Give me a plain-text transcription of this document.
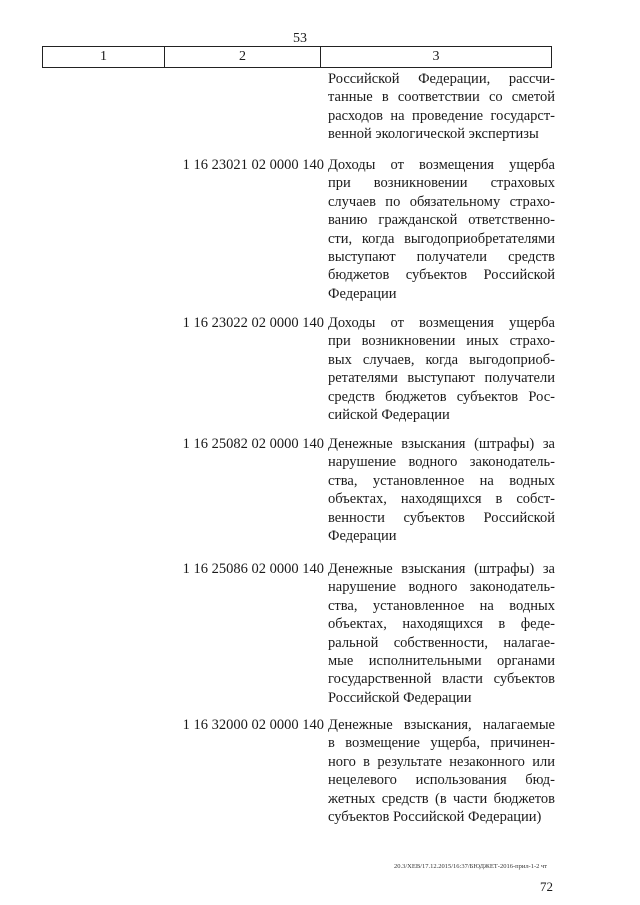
53
1	2	3
Российской Федерации, рассчи-
танные в соответствии со сметой
расходов на проведение государст-
венной экологической экспертизы
1 16 23021 02 0000 140 Доходы от возмещения ущерба
при возникновении страховых
случаев по обязательному страхо-
ванию гражданской ответственно-
сти, когда выгодоприобретателями
выступают получатели средств
бюджетов субъектов Российской
Федерации
1 16 23022 02 0000 140 Доходы от возмещения ущерба
при возникновении иных страхо-
вых случаев, когда выгодоприоб-
ретателями выступают получатели
средств бюджетов субъектов Рос-
сийской Федерации
1 16 25082 02 0000 140 Денежные взыскания (штрафы) за
нарушение водного законодатель-
ства, установленное на водных
объектах, находящихся в собст-
венности субъектов Российской
Федерации
1 16 25086 02 0000 140 Денежные взыскания (штрафы) за
нарушение водного законодатель-
ства, установленное на водных
объектах, находящихся в феде-
ральной собственности, налагае-
мые исполнительными органами
государственной власти субъектов
Российской Федерации
1 16 32000 02 0000 140 Денежные взыскания, налагаемые
в возмещение ущерба, причинен-
ного в результате незаконного или
нецелевого использования бюд-
жетных средств (в части бюджетов
субъектов Российской Федерации)
20.3/ХЕВ/17.12.2015/16:37/БЮДЖЕТ-2016-прил-1-2 чт
72
